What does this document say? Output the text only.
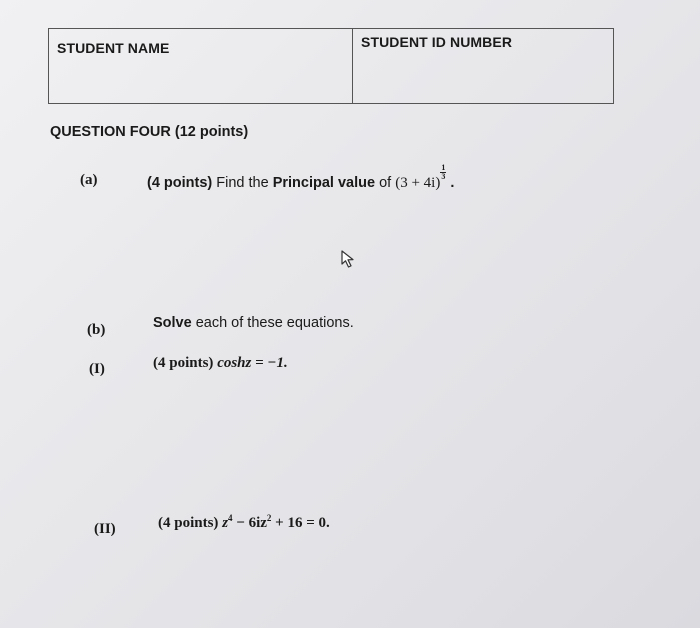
STUDENT NAME	STUDENT ID NUMBER
QUESTION FOUR (12 points)
(a)	(4 points) Find the Principal value of (3 + 4i)
$\frac{1}{3}$
.
(b)	Solve each of these equations.
(I)	(4 points) coshz = −1.
(II)	(4 points) $z^4 - 6iz^2 + 16 = 0$.
